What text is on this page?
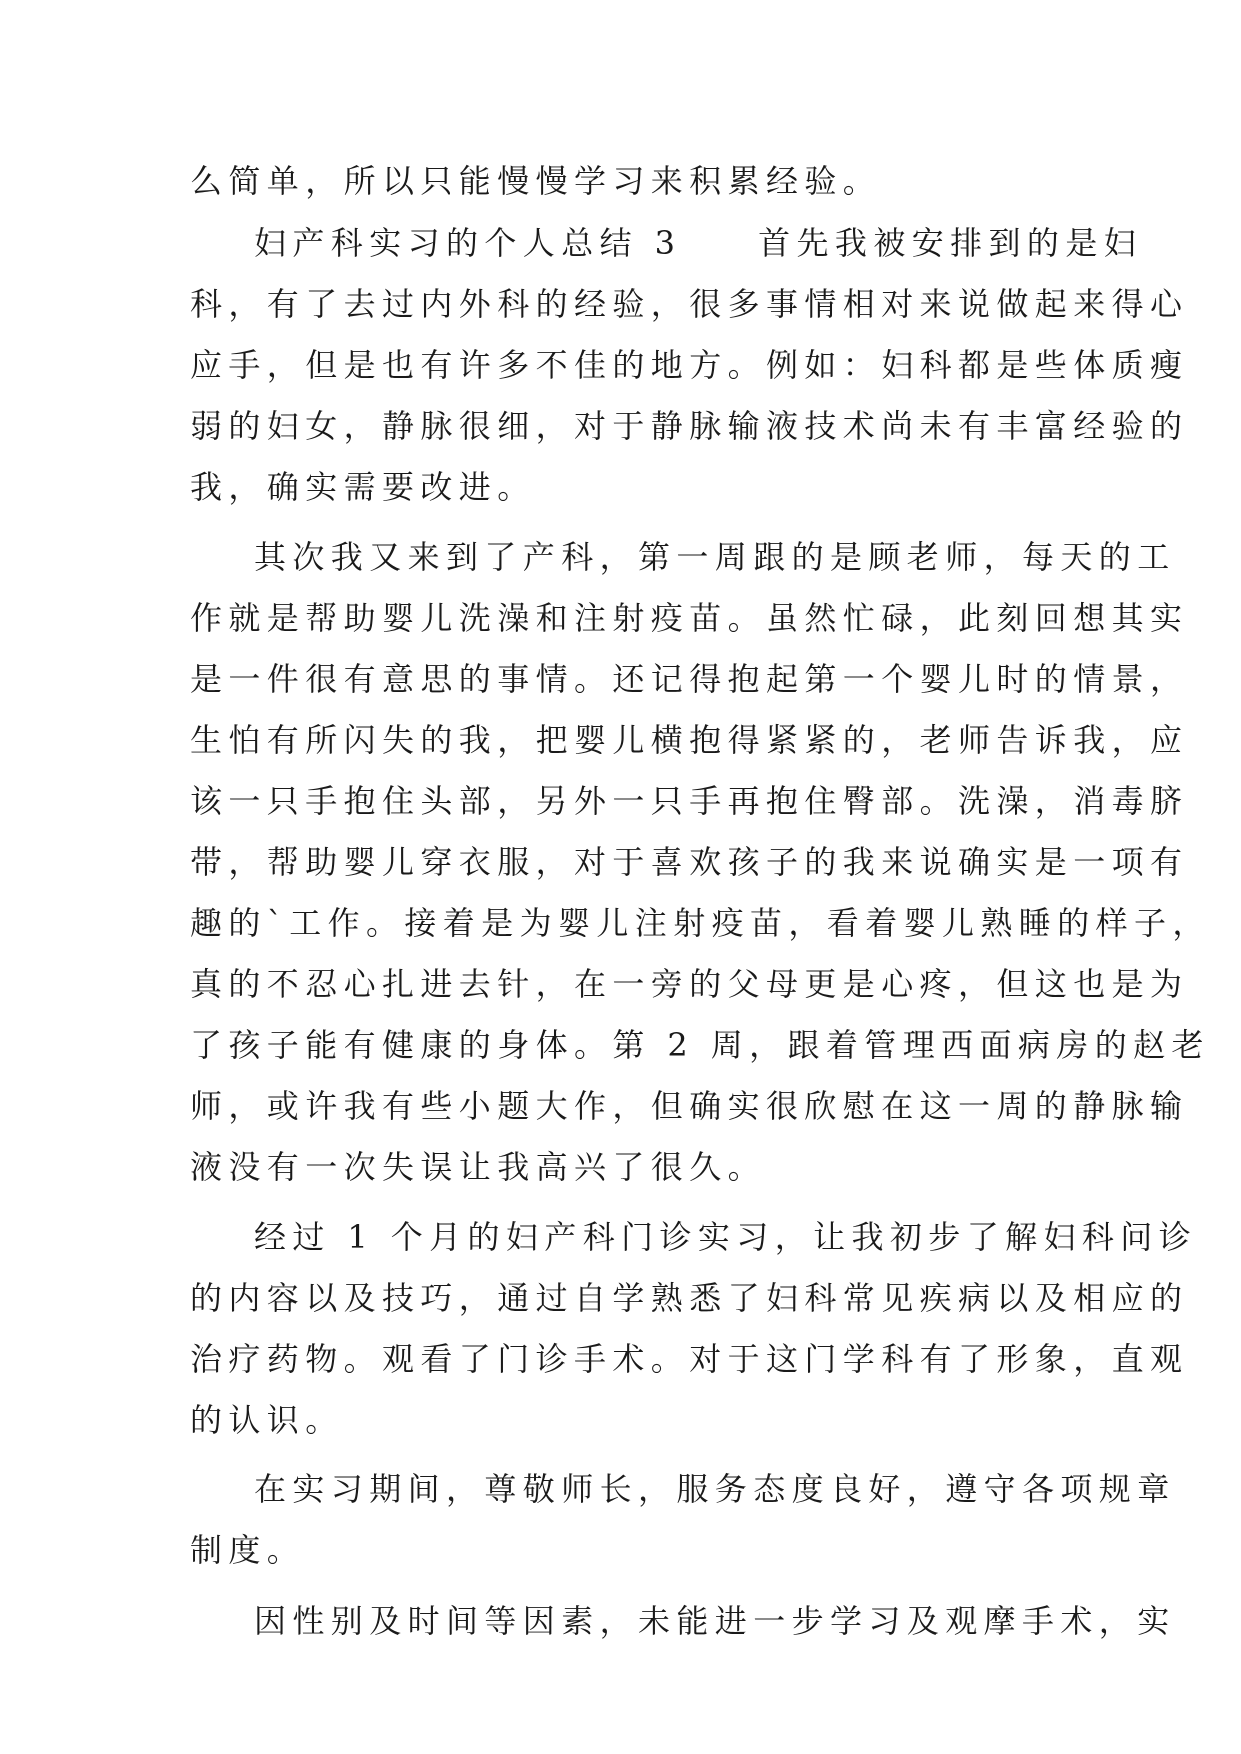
么简单，所以只能慢慢学习来积累经验。
妇产科实习的个人总结 3　　首先我被安排到的是妇
科，有了去过内外科的经验，很多事情相对来说做起来得心
应手，但是也有许多不佳的地方。例如：妇科都是些体质瘦
弱的妇女，静脉很细，对于静脉输液技术尚未有丰富经验的
我，确实需要改进。
其次我又来到了产科，第一周跟的是顾老师，每天的工
作就是帮助婴儿洗澡和注射疫苗。虽然忙碌，此刻回想其实
是一件很有意思的事情。还记得抱起第一个婴儿时的情景，
生怕有所闪失的我，把婴儿横抱得紧紧的，老师告诉我，应
该一只手抱住头部，另外一只手再抱住臀部。洗澡，消毒脐
带，帮助婴儿穿衣服，对于喜欢孩子的我来说确实是一项有
趣的`工作。接着是为婴儿注射疫苗，看着婴儿熟睡的样子，
真的不忍心扎进去针，在一旁的父母更是心疼，但这也是为
了孩子能有健康的身体。第 2 周，跟着管理西面病房的赵老
师，或许我有些小题大作，但确实很欣慰在这一周的静脉输
液没有一次失误让我高兴了很久。
经过 1 个月的妇产科门诊实习，让我初步了解妇科问诊
的内容以及技巧，通过自学熟悉了妇科常见疾病以及相应的
治疗药物。观看了门诊手术。对于这门学科有了形象，直观
的认识。
在实习期间，尊敬师长，服务态度良好，遵守各项规章
制度。
因性别及时间等因素，未能进一步学习及观摩手术，实
